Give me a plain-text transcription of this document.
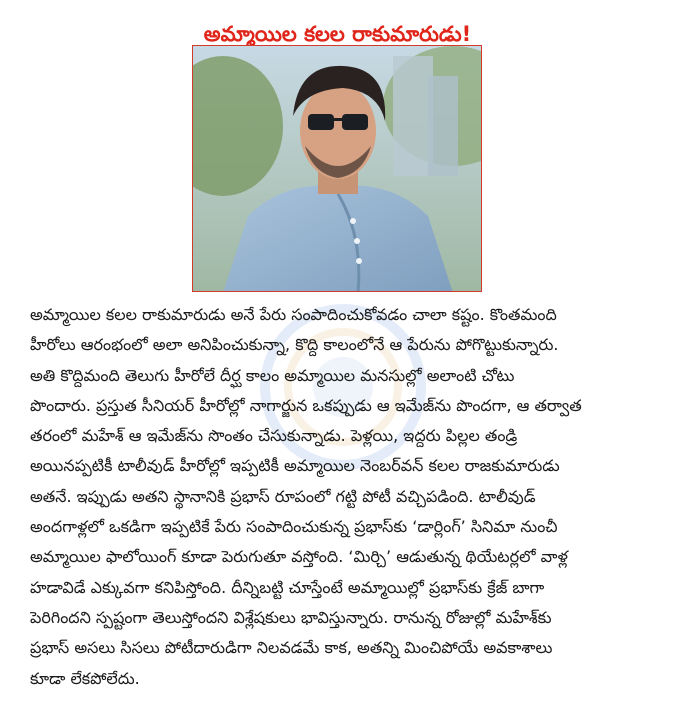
అమ్మాయిల కలల రాకుమారుడు!
అమ్మాయిల కలల రాకుమారుడు అనే పేరు సంపాదించుకోవడం చాలా కష్టం. కొంతమంది
హీరోలు ఆరంభంలో అలా అనిపించుకున్నా, కొద్ది కాలంలోనే ఆ పేరును పోగొట్టుకున్నారు.
అతి కొద్దిమంది తెలుగు హీరోలే దీర్ఘ కాలం అమ్మాయిల మనసుల్లో అలాంటి చోటు
పొందారు. ప్రస్తుత సీనియర్ హీరోల్లో నాగార్జున ఒకప్పుడు ఆ ఇమేజ్‌ను పొందగా, ఆ తర్వాత
తరంలో మహేశ్ ఆ ఇమేజ్‌ను సొంతం చేసుకున్నాడు. పెళ్లయి, ఇద్దరు పిల్లల తండ్రి
అయినప్పటికీ టాలీవుడ్ హీరోల్లో ఇప్పటికీ అమ్మాయిల నెంబర్‌వన్ కలల రాజకుమారుడు
అతనే. ఇప్పుడు అతని స్థానానికి ప్రభాస్ రూపంలో గట్టి పోటీ వచ్చిపడింది. టాలీవుడ్
అందగాళ్లలో ఒకడిగా ఇప్పటికే పేరు సంపాదించుకున్న ప్రభాస్‌కు ‘డార్లింగ్’ సినిమా నుంచీ
అమ్మాయిల ఫాలోయింగ్ కూడా పెరుగుతూ వస్తోంది. ‘మిర్చి’ ఆడుతున్న థియేటర్లలో వాళ్ల
హడావిడే ఎక్కువగా కనిపిస్తోంది. దీన్నిబట్టి చూస్తేంటే అమ్మాయిల్లో ప్రభాస్‌కు క్రేజ్ బాగా
పెరిగిందని స్పష్టంగా తెలుస్తోందని విశ్లేషకులు భావిస్తున్నారు. రానున్న రోజుల్లో మహేశ్‌కు
ప్రభాస్ అసలు సిసలు పోటీదారుడిగా నిలవడమే కాక, అతన్ని మించిపోయే అవకాశాలు
కూడా లేకపోలేదు.
